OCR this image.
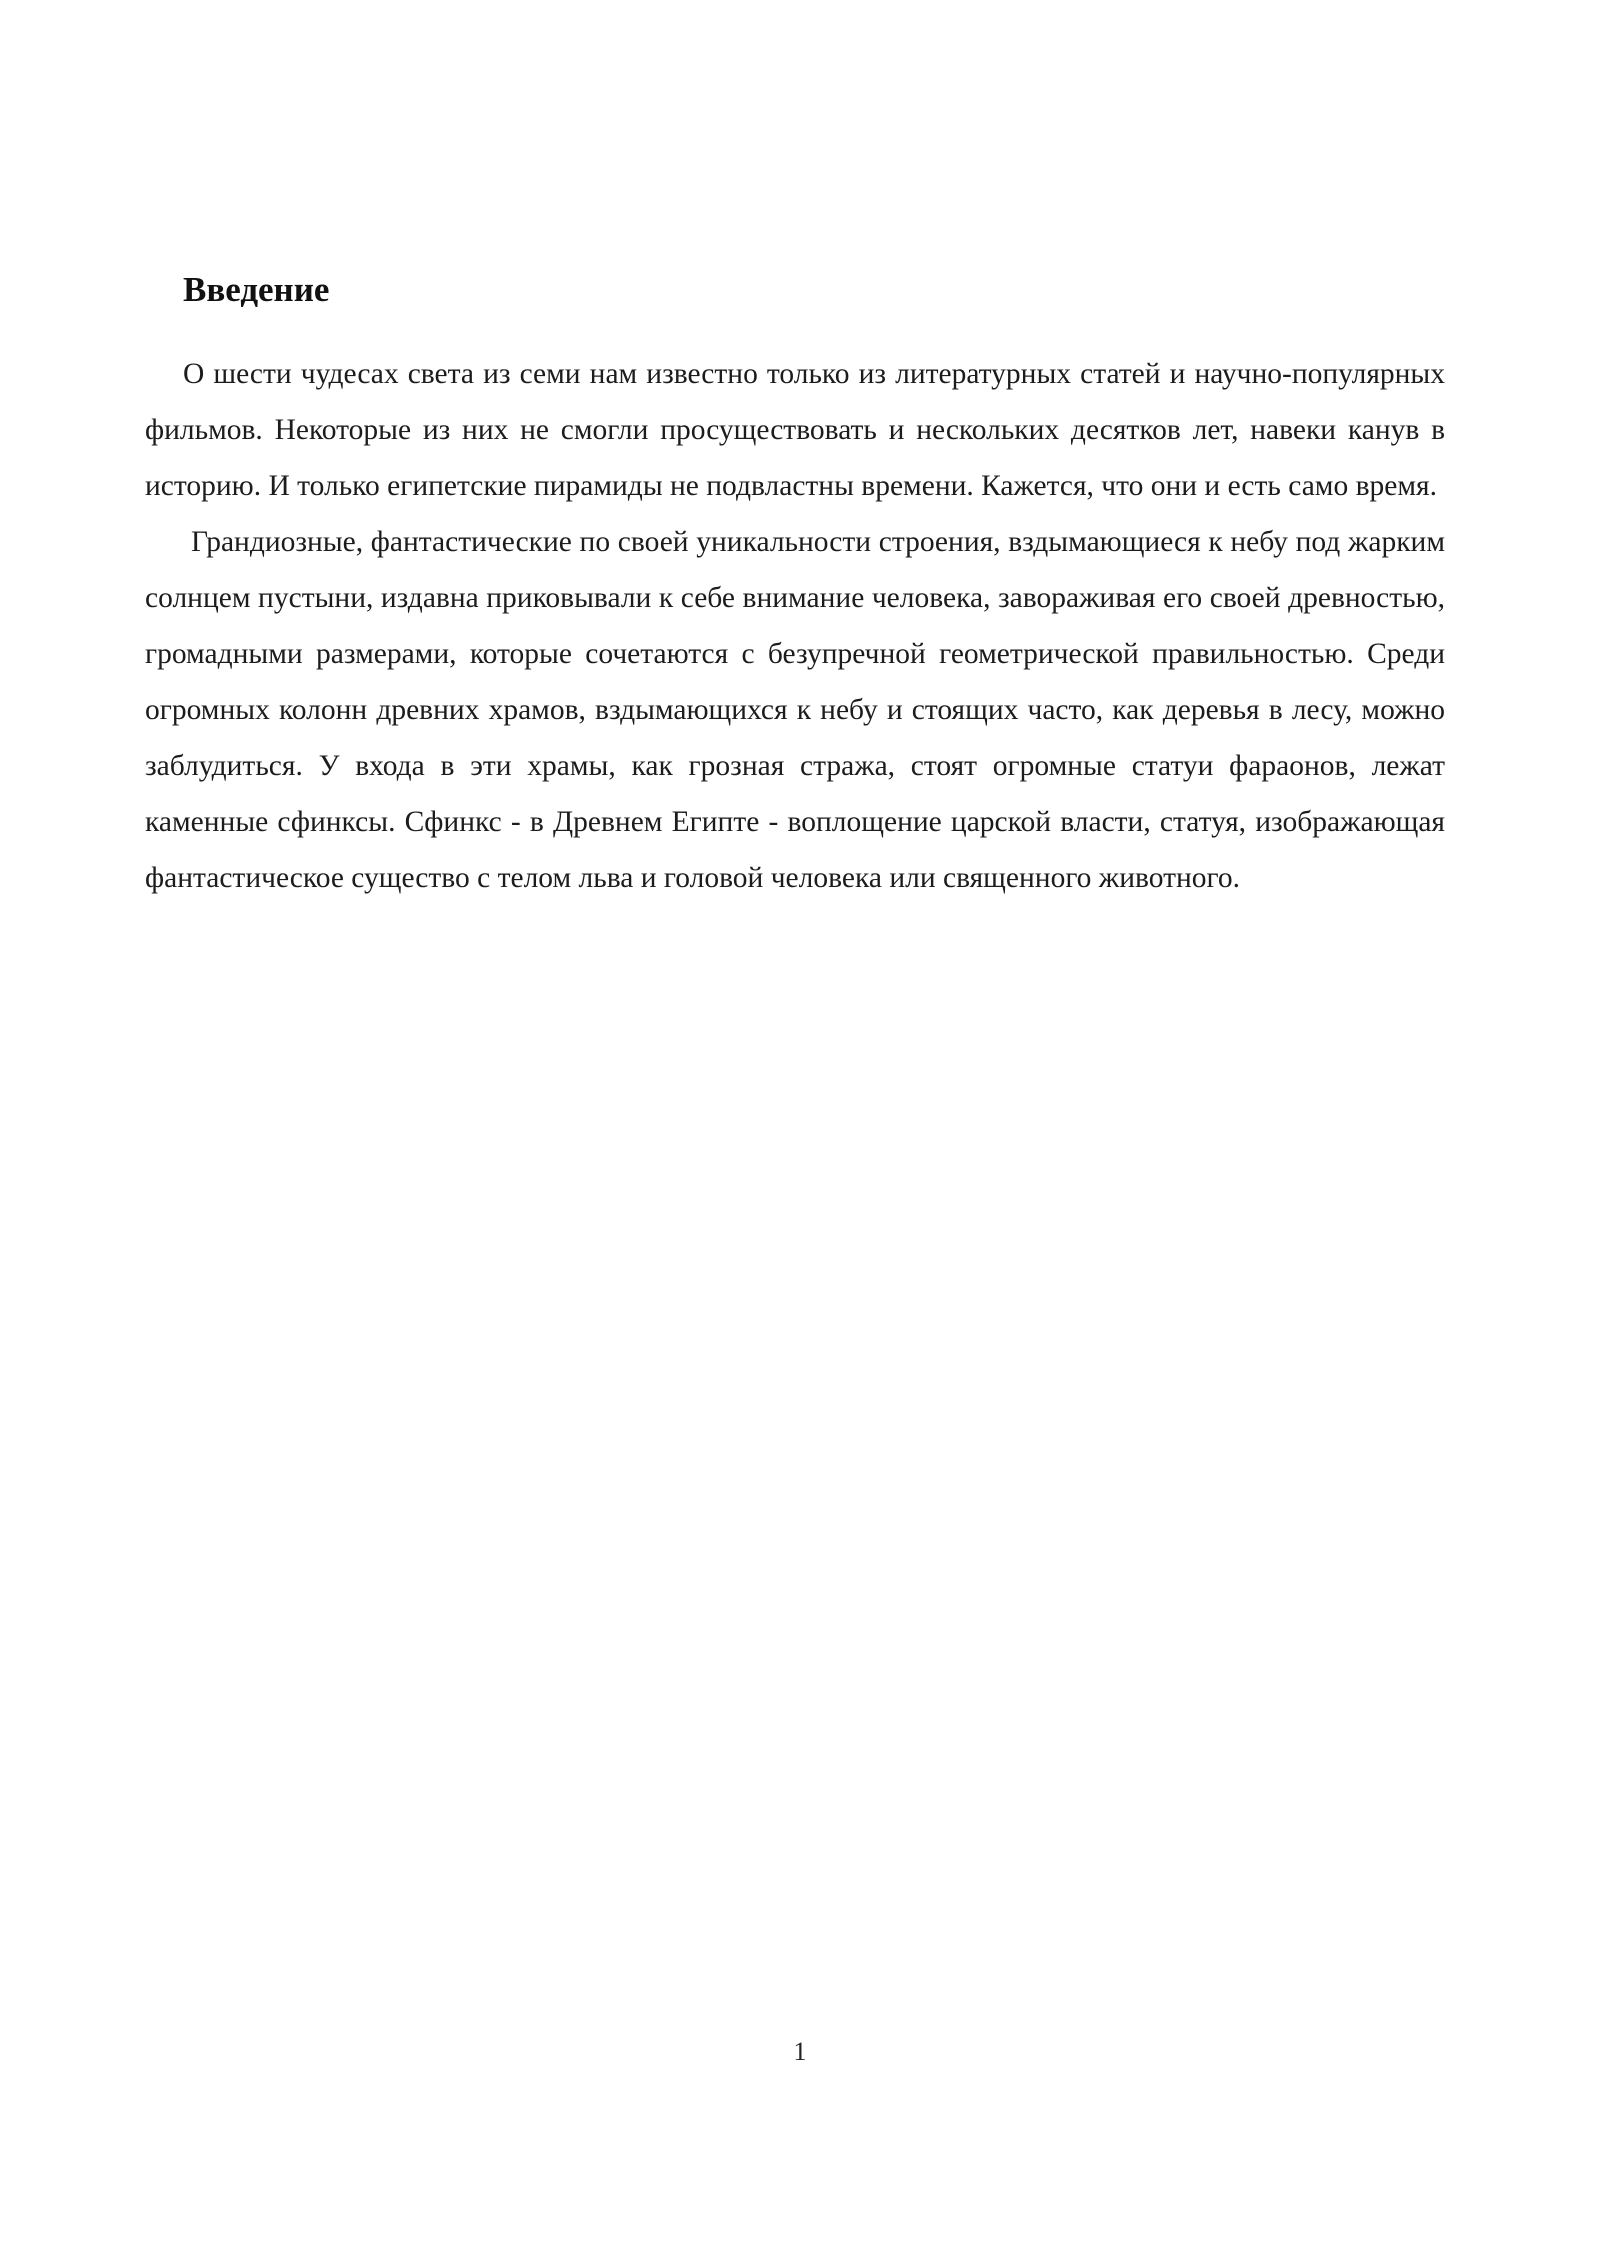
Введение

О шести чудесах света из семи нам известно только из литературных статей и научно-популярных фильмов. Некоторые из них не смогли просуществовать и нескольких десятков лет, навеки канув в историю. И только египетские пирамиды не подвластны времени. Кажется, что они и есть само время.

Грандиозные, фантастические по своей уникальности строения, вздымающиеся к небу под жарким солнцем пустыни, издавна приковывали к себе внимание человека, завораживая его своей древностью, громадными размерами, которые сочетаются с безупречной геометрической правильностью. Среди огромных колонн древних храмов, вздымающихся к небу и стоящих часто, как деревья в лесу, можно заблудиться. У входа в эти храмы, как грозная стража, стоят огромные статуи фараонов, лежат каменные сфинксы. Сфинкс - в Древнем Египте - воплощение царской власти, статуя, изображающая фантастическое существо с телом льва и головой человека или священного животного.

1
